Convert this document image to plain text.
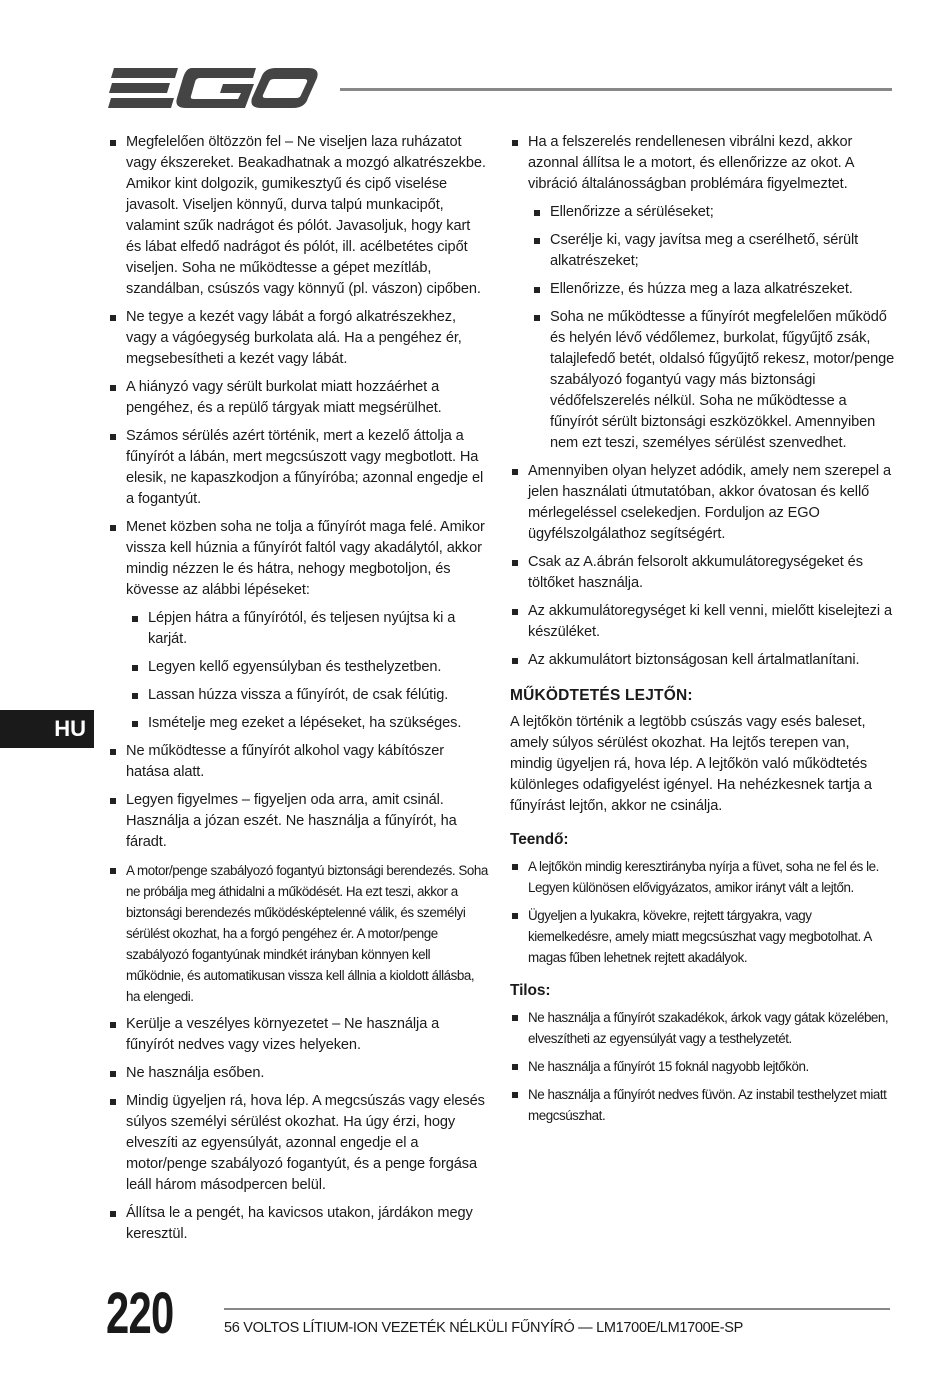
Megfelelően öltözzön fel – Ne viseljen laza ruházatot vagy ékszereket. Beakadhatnak a mozgó alkatrészekbe. Amikor kint dolgozik, gumikesztyű és cipő viselése javasolt. Viseljen könnyű, durva talpú munkacipőt, valamint szűk nadrágot és pólót. Javasoljuk, hogy kart és lábat elfedő nadrágot és pólót, ill. acélbetétes cipőt viseljen. Soha ne működtesse a gépet mezítláb, szandálban, csúszós vagy könnyű (pl. vászon) cipőben.
Ne tegye a kezét vagy lábát a forgó alkatrészekhez, vagy a vágóegység burkolata alá. Ha a pengéhez ér, megsebesítheti a kezét vagy lábát.
A hiányzó vagy sérült burkolat miatt hozzáérhet a pengéhez, és a repülő tárgyak miatt megsérülhet.
Számos sérülés azért történik, mert a kezelő áttolja a fűnyírót a lábán, mert megcsúszott vagy megbotlott. Ha elesik, ne kapaszkodjon a fűnyíróba; azonnal engedje el a fogantyút.
Menet közben soha ne tolja a fűnyírót maga felé. Amikor vissza kell húznia a fűnyírót faltól vagy akadálytól, akkor mindig nézzen le és hátra, nehogy megbotoljon, és kövesse az alábbi lépéseket:
Lépjen hátra a fűnyírótól, és teljesen nyújtsa ki a karját.
Legyen kellő egyensúlyban és testhelyzetben.
Lassan húzza vissza a fűnyírót, de csak félútig.
Ismételje meg ezeket a lépéseket, ha szükséges.
Ne működtesse a fűnyírót alkohol vagy kábítószer hatása alatt.
Legyen figyelmes – figyeljen oda arra, amit csinál. Használja a józan eszét. Ne használja a fűnyírót, ha fáradt.
A motor/penge szabályozó fogantyú biztonsági berendezés. Soha ne próbálja meg áthidalni a működését. Ha ezt teszi, akkor a biztonsági berendezés működésképtelenné válik, és személyi sérülést okozhat, ha a forgó pengéhez ér. A motor/penge szabályozó fogantyúnak mindkét irányban könnyen kell működnie, és automatikusan vissza kell állnia a kioldott állásba, ha elengedi.
Kerülje a veszélyes környezetet – Ne használja a fűnyírót nedves vagy vizes helyeken.
Ne használja esőben.
Mindig ügyeljen rá, hova lép. A megcsúszás vagy elesés súlyos személyi sérülést okozhat. Ha úgy érzi, hogy elveszíti az egyensúlyát, azonnal engedje el a motor/penge szabályozó fogantyút, és a penge forgása leáll három másodpercen belül.
Állítsa le a pengét, ha kavicsos utakon, járdákon megy keresztül.
Ha a felszerelés rendellenesen vibrálni kezd, akkor azonnal állítsa le a motort, és ellenőrizze az okot. A vibráció általánosságban problémára figyelmeztet.
Ellenőrizze a sérüléseket;
Cserélje ki, vagy javítsa meg a cserélhető, sérült alkatrészeket;
Ellenőrizze, és húzza meg a laza alkatrészeket.
Soha ne működtesse a fűnyírót megfelelően működő és helyén lévő védőlemez, burkolat, fűgyűjtő zsák, talajlefedő betét, oldalsó fűgyűjtő rekesz, motor/penge szabályozó fogantyú vagy más biztonsági védőfelszerelés nélkül. Soha ne működtesse a fűnyírót sérült biztonsági eszközökkel. Amennyiben nem ezt teszi, személyes sérülést szenvedhet.
Amennyiben olyan helyzet adódik, amely nem szerepel a jelen használati útmutatóban, akkor óvatosan és kellő mérlegeléssel cselekedjen. Forduljon az EGO ügyfélszolgálathoz segítségért.
Csak az A.ábrán felsorolt akkumulátoregységeket és töltőket használja.
Az akkumulátoregységet ki kell venni, mielőtt kiselejtezi a készüléket.
Az akkumulátort biztonságosan kell ártalmatlanítani.
MŰKÖDTETÉS LEJTŐN:

A lejtőkön történik a legtöbb csúszás vagy esés baleset, amely súlyos sérülést okozhat. Ha lejtős terepen van, mindig ügyeljen rá, hova lép. A lejtőkön való működtetés különleges odafigyelést igényel. Ha nehézkesnek tartja a fűnyírást lejtőn, akkor ne csinálja.

Teendő:
A lejtőkön mindig keresztirányba nyírja a füvet, soha ne fel és le. Legyen különösen elővigyázatos, amikor irányt vált a lejtőn.
Ügyeljen a lyukakra, kövekre, rejtett tárgyakra, vagy kiemelkedésre, amely miatt megcsúszhat vagy megbotolhat. A magas fűben lehetnek rejtett akadályok.
Tilos:
Ne használja a fűnyírót szakadékok, árkok vagy gátak közelében, elveszítheti az egyensúlyát vagy a testhelyzetét.
Ne használja a fűnyírót 15 foknál nagyobb lejtőkön.
Ne használja a fűnyírót nedves füvön. Az instabil testhelyzet miatt megcsúszhat.
HU
220	56 VOLTOS LÍTIUM-ION VEZETÉK NÉLKÜLI FŰNYÍRÓ — LM1700E/LM1700E-SP
